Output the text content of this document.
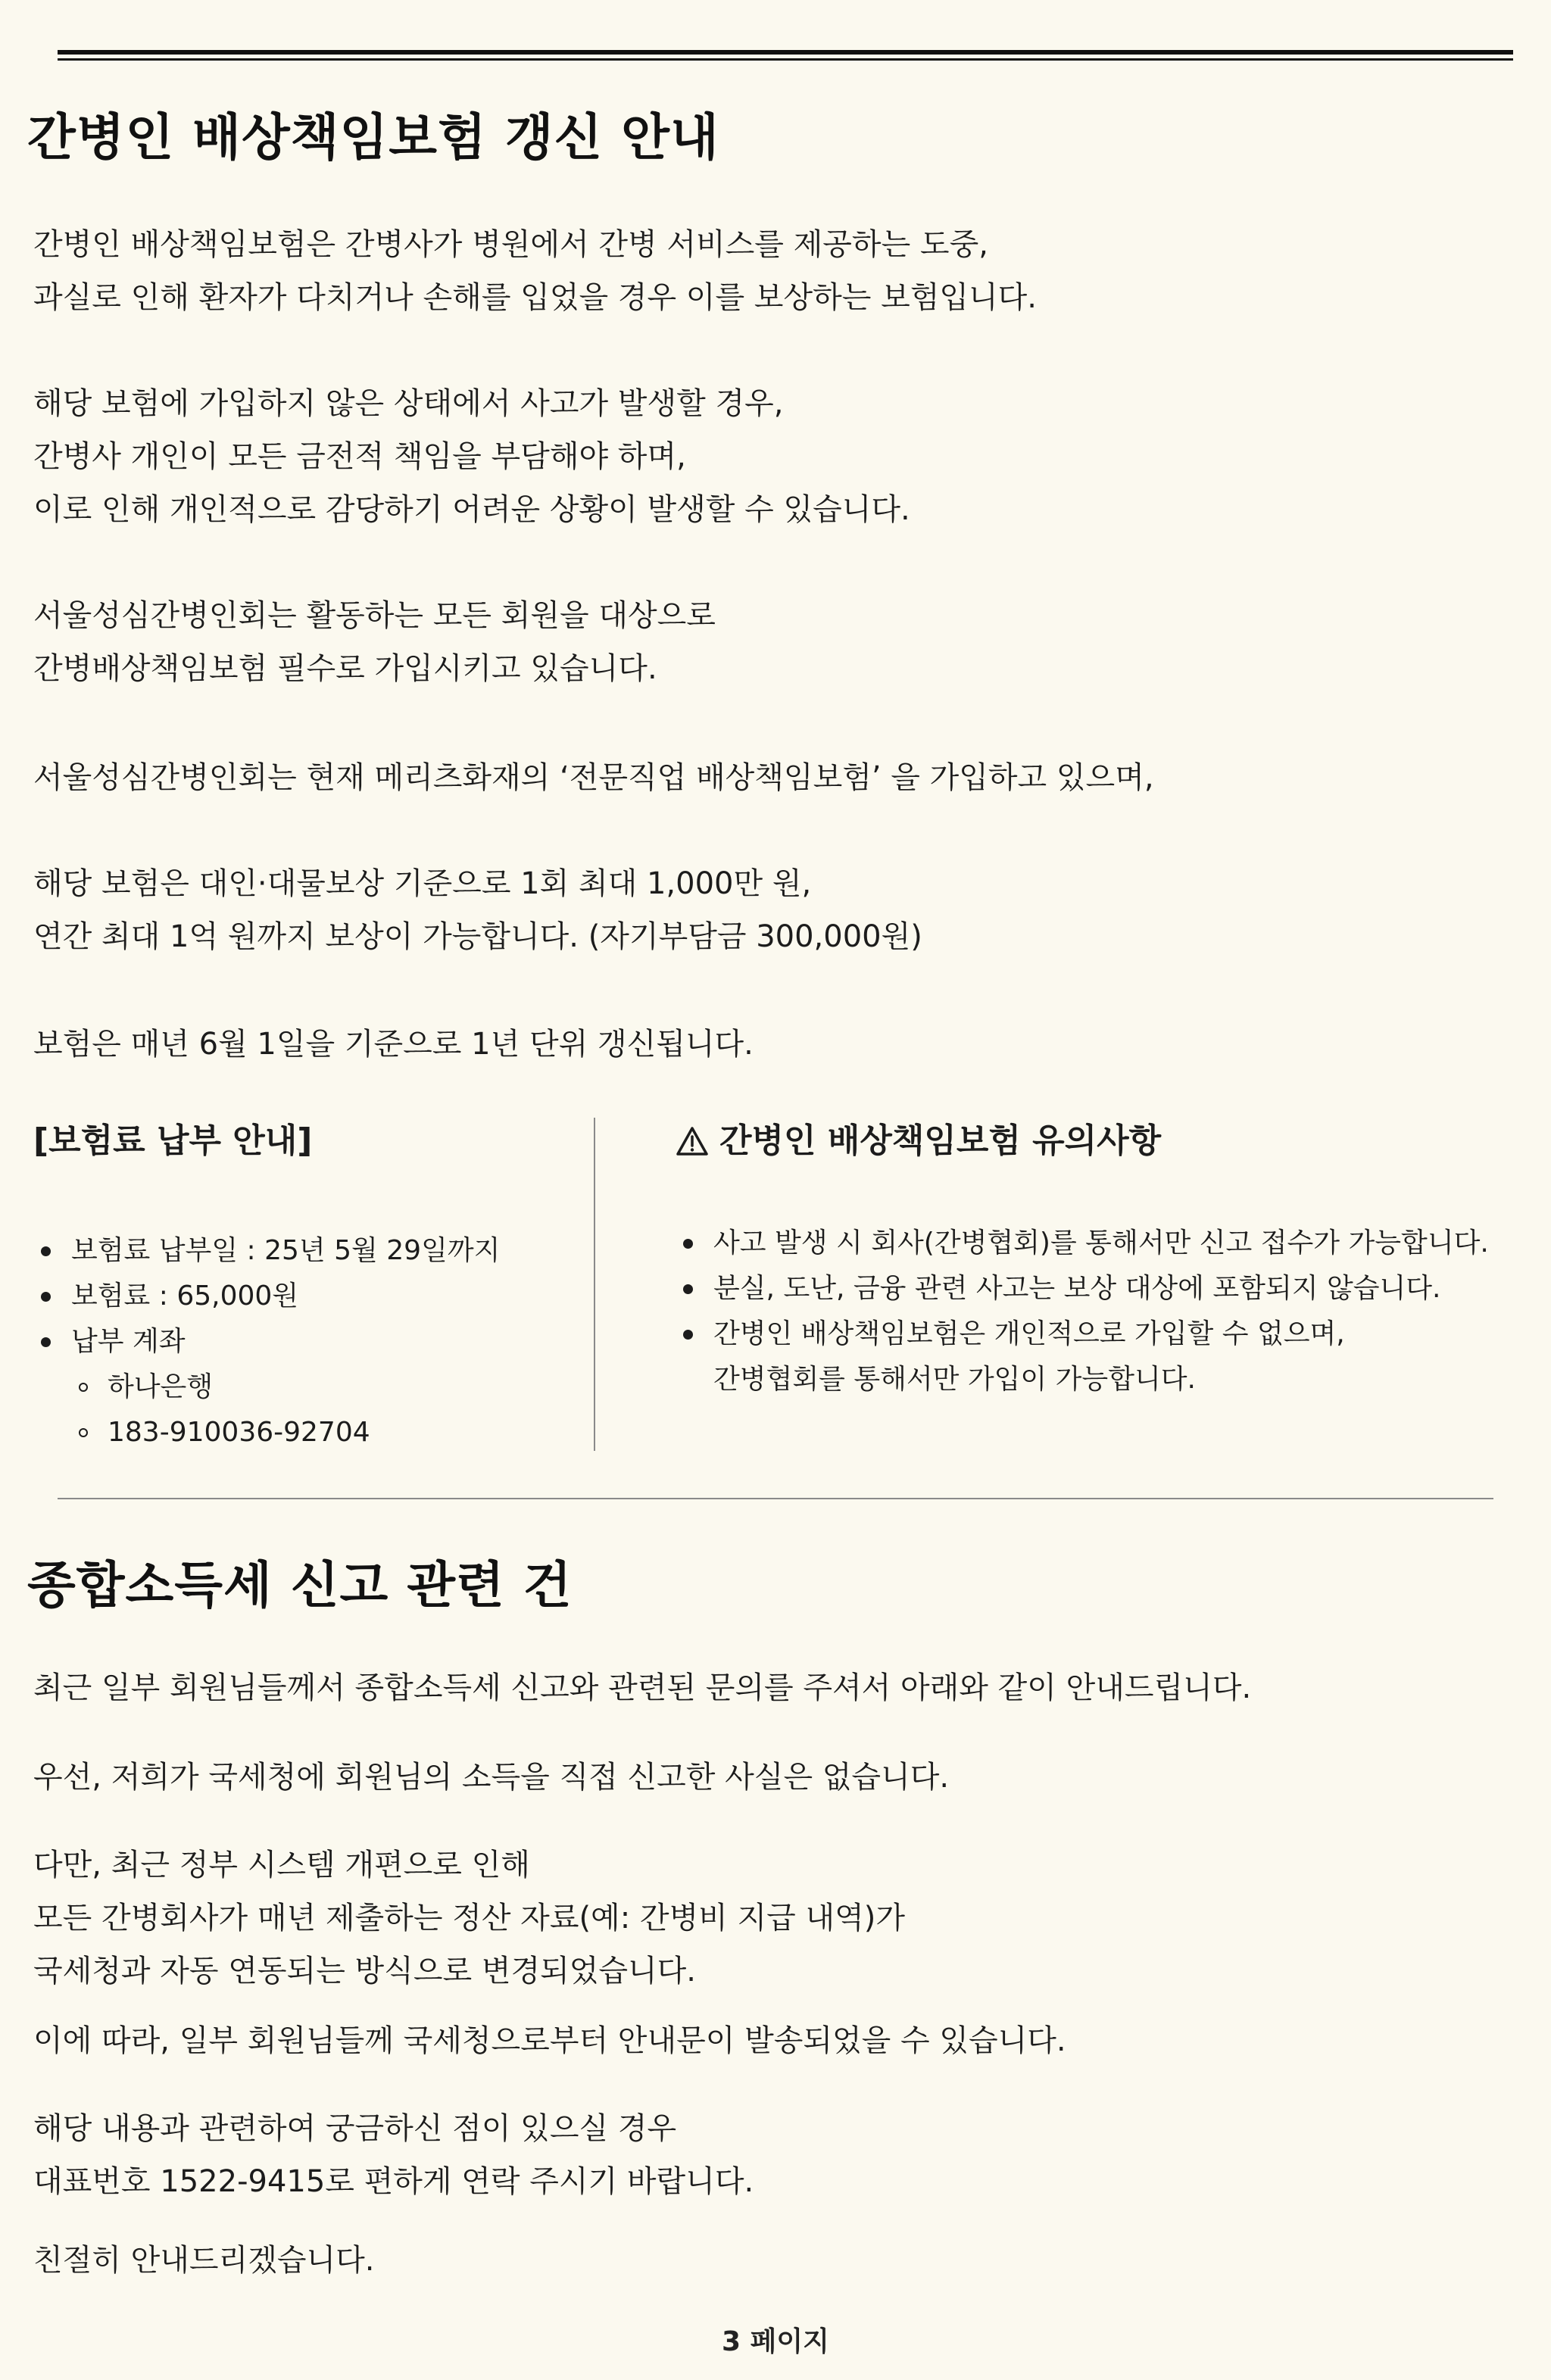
간병인 배상책임보험 갱신 안내

간병인 배상책임보험은 간병사가 병원에서 간병 서비스를 제공하는 도중,
과실로 인해 환자가 다치거나 손해를 입었을 경우 이를 보상하는 보험입니다.

해당 보험에 가입하지 않은 상태에서 사고가 발생할 경우,
간병사 개인이 모든 금전적 책임을 부담해야 하며,
이로 인해 개인적으로 감당하기 어려운 상황이 발생할 수 있습니다.

서울성심간병인회는 활동하는 모든 회원을 대상으로
간병배상책임보험 필수로 가입시키고 있습니다.

서울성심간병인회는 현재 메리츠화재의 ‘전문직업 배상책임보험’ 을 가입하고 있으며,

해당 보험은 대인·대물보상 기준으로 1회 최대 1,000만 원,
연간 최대 1억 원까지 보상이 가능합니다. (자기부담금 300,000원)

보험은 매년 6월 1일을 기준으로 1년 단위 갱신됩니다.

[보험료 납부 안내]	간병인 배상책임보험 유의사항
보험료 납부일 : 25년 5월 29일까지
보험료 : 65,000원
납부 계좌
하나은행
183-910036-92704
사고 발생 시 회사(간병협회)를 통해서만 신고 접수가 가능합니다.
분실, 도난, 금융 관련 사고는 보상 대상에 포함되지 않습니다.
간병인 배상책임보험은 개인적으로 가입할 수 없으며,
간병협회를 통해서만 가입이 가능합니다.
종합소득세 신고 관련 건

최근 일부 회원님들께서 종합소득세 신고와 관련된 문의를 주셔서 아래와 같이 안내드립니다.

우선, 저희가 국세청에 회원님의 소득을 직접 신고한 사실은 없습니다.

다만, 최근 정부 시스템 개편으로 인해
모든 간병회사가 매년 제출하는 정산 자료(예: 간병비 지급 내역)가
국세청과 자동 연동되는 방식으로 변경되었습니다.

이에 따라, 일부 회원님들께 국세청으로부터 안내문이 발송되었을 수 있습니다.

해당 내용과 관련하여 궁금하신 점이 있으실 경우
대표번호 1522-9415로 편하게 연락 주시기 바랍니다.

친절히 안내드리겠습니다.

3 페이지
